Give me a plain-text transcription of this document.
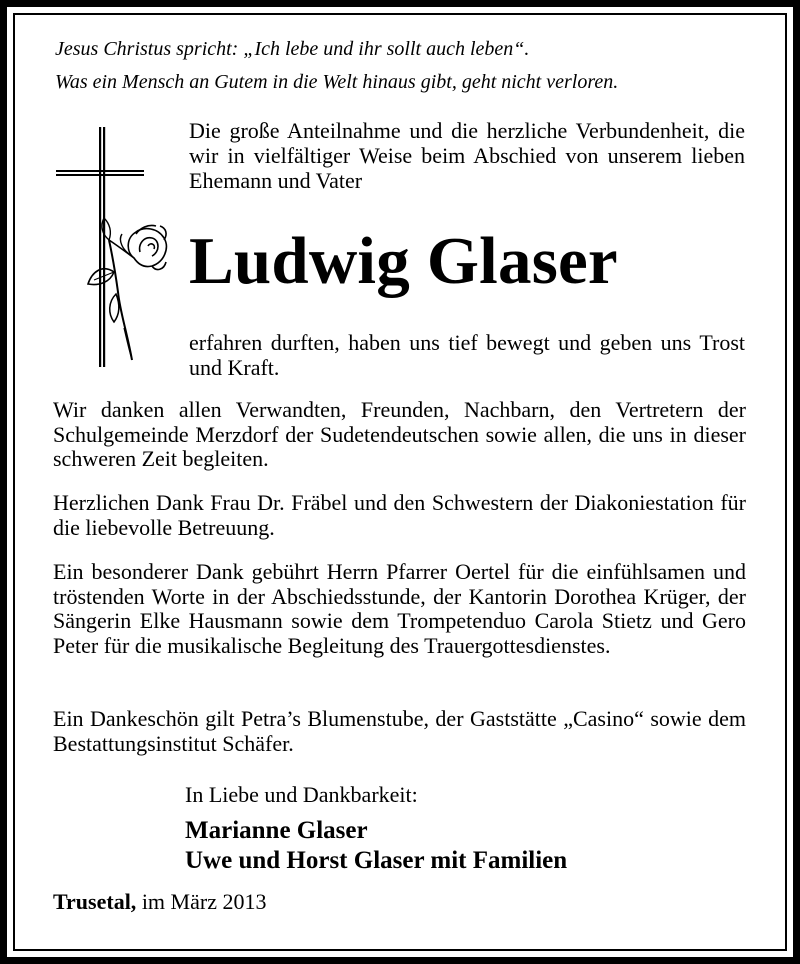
Jesus Christus spricht: „Ich lebe und ihr sollt auch leben“.
Was ein Mensch an Gutem in die Welt hinaus gibt, geht nicht verloren.

Die große Anteilnahme und die herzliche Verbundenheit, die wir in vielfältiger Weise beim Abschied von unserem lieben Ehemann und Vater

Ludwig Glaser

erfahren durften, haben uns tief bewegt und geben uns Trost und Kraft.

Wir danken allen Verwandten, Freunden, Nachbarn, den Vertretern der Schulgemeinde Merzdorf der Sudetendeutschen sowie allen, die uns in dieser schweren Zeit begleiten.

Herzlichen Dank Frau Dr. Fräbel und den Schwestern der Diakoniestation für die liebevolle Betreuung.

Ein besonderer Dank gebührt Herrn Pfarrer Oertel für die einfühlsamen und tröstenden Worte in der Abschiedsstunde, der Kantorin Dorothea Krüger, der Sängerin Elke Hausmann sowie dem Trompetenduo Carola Stietz und Gero Peter für die musikalische Begleitung des Trauergottesdienstes.

Ein Dankeschön gilt Petra’s Blumenstube, der Gaststätte „Casino“ sowie dem Bestattungsinstitut Schäfer.

In Liebe und Dankbarkeit:

Marianne Glaser

Uwe und Horst Glaser mit Familien

Trusetal, im März 2013
